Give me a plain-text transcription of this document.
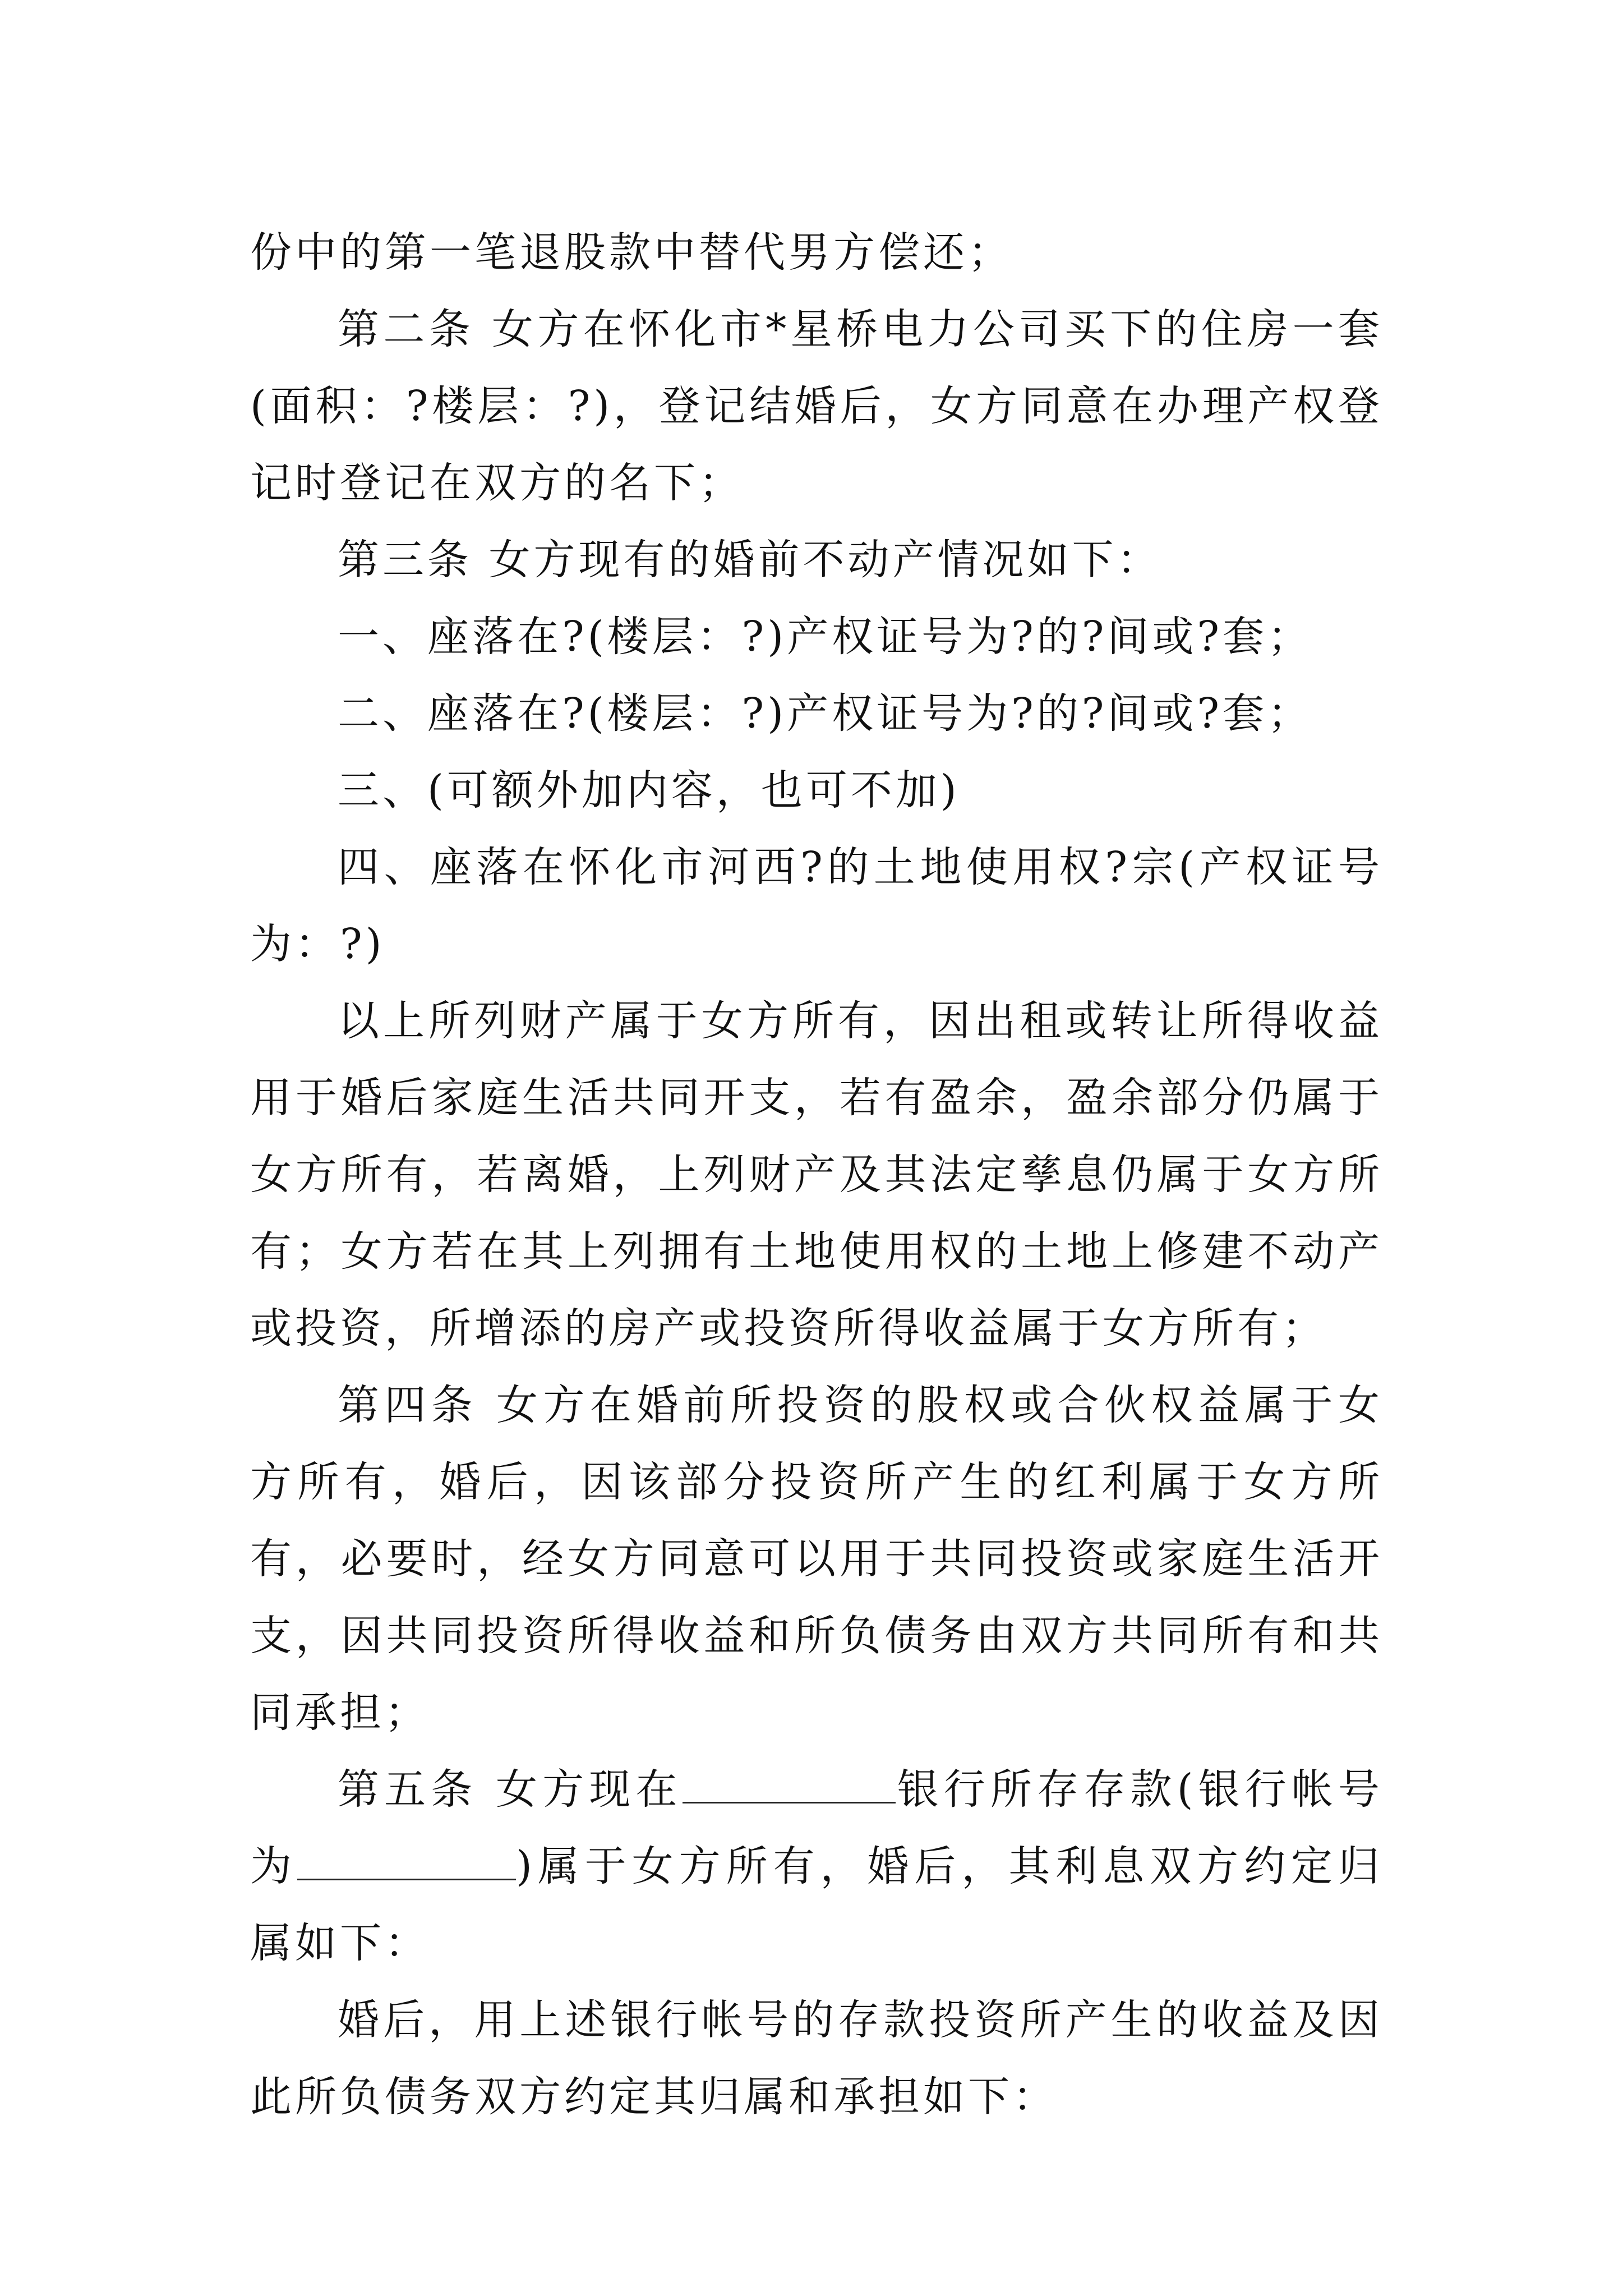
份中的第一笔退股款中替代男方偿还；

第二条 女方在怀化市*星桥电力公司买下的住房一套(面积：?楼层：?)，登记结婚后，女方同意在办理产权登记时登记在双方的名下；

第三条 女方现有的婚前不动产情况如下：

一、座落在?(楼层：?)产权证号为?的?间或?套；

二、座落在?(楼层：?)产权证号为?的?间或?套；

三、(可额外加内容，也可不加)

四、座落在怀化市河西?的土地使用权?宗(产权证号为：?)

以上所列财产属于女方所有，因出租或转让所得收益用于婚后家庭生活共同开支，若有盈余，盈余部分仍属于女方所有，若离婚，上列财产及其法定孳息仍属于女方所有；女方若在其上列拥有土地使用权的土地上修建不动产或投资，所增添的房产或投资所得收益属于女方所有；

第四条 女方在婚前所投资的股权或合伙权益属于女方所有，婚后，因该部分投资所产生的红利属于女方所有，必要时，经女方同意可以用于共同投资或家庭生活开支，因共同投资所得收益和所负债务由双方共同所有和共同承担；

第五条 女方现在	银行所存存款(银行帐号为	)属于女方所有，婚后，其利息双方约定归属如下：

婚后，用上述银行帐号的存款投资所产生的收益及因此所负债务双方约定其归属和承担如下：
